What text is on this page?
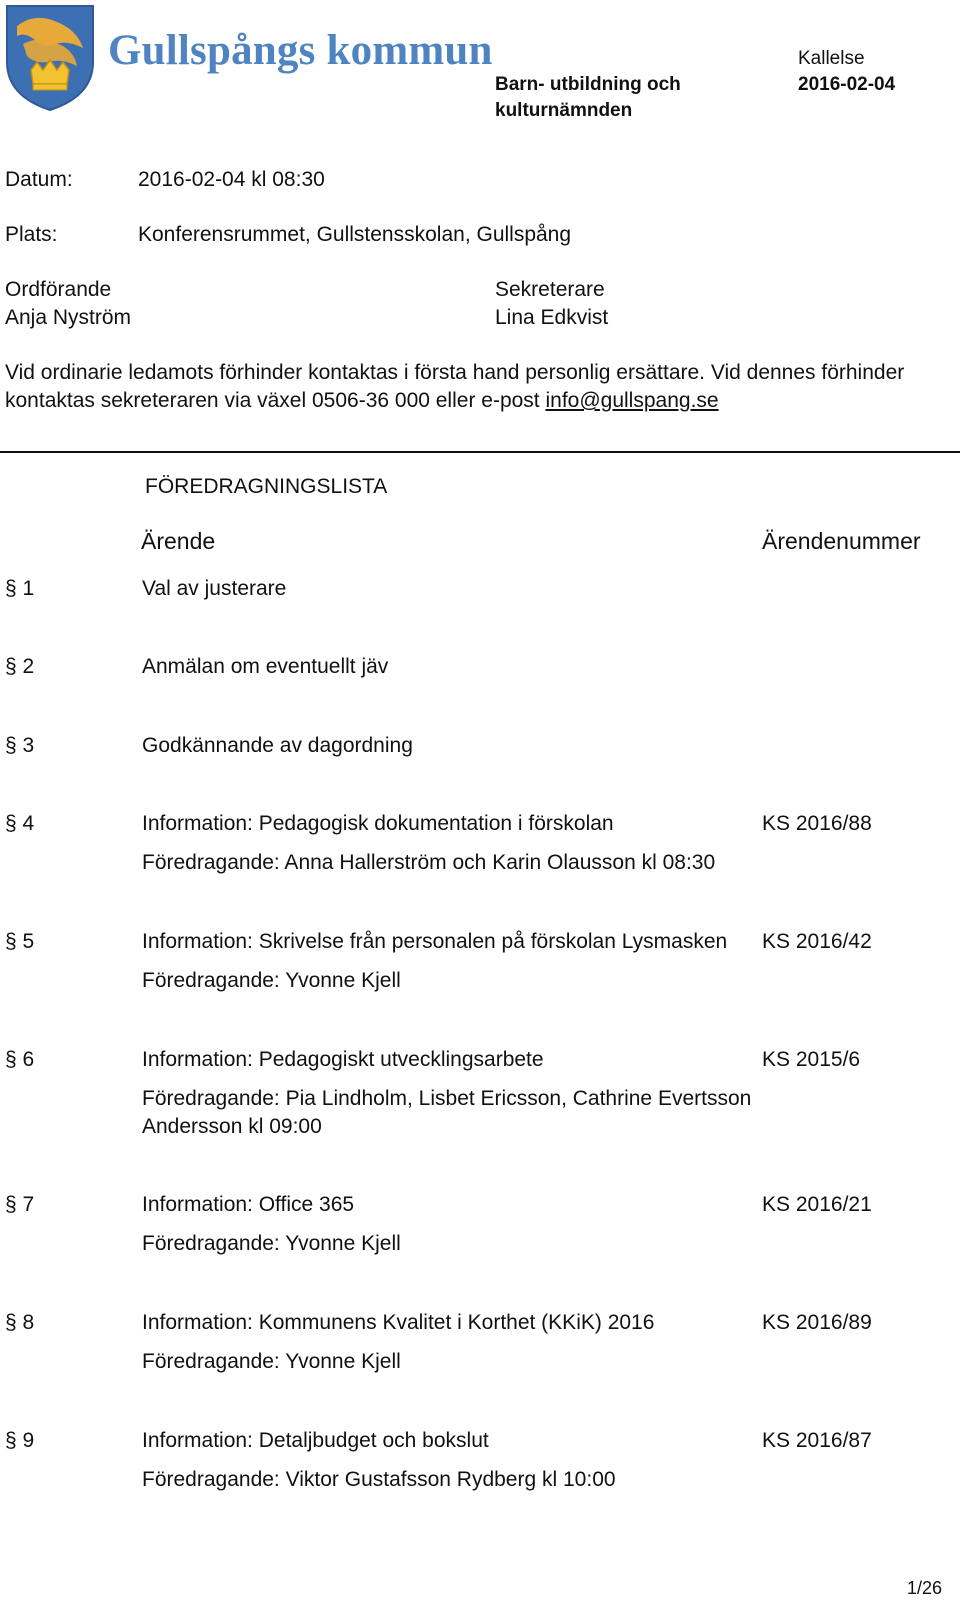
Gullspångs kommun
Barn- utbildning och
kulturnämnden
Kallelse
2016-02-04
Datum:	2016-02-04 kl 08:30
Plats:	Konferensrummet, Gullstensskolan, Gullspång
Ordförande
Anja Nyström
Sekreterare
Lina Edkvist
Vid ordinarie ledamots förhinder kontaktas i första hand personlig ersättare. Vid dennes förhinder
kontaktas sekreteraren via växel 0506-36 000 eller e-post info@gullspang.se
FÖREDRAGNINGSLISTA
Ärende	Ärendenummer
§ 1	Val av justerare
§ 2	Anmälan om eventuellt jäv
§ 3	Godkännande av dagordning
§ 4	Information: Pedagogisk dokumentation i förskolan	KS 2016/88
Föredragande: Anna Hallerström och Karin Olausson kl 08:30
§ 5	Information: Skrivelse från personalen på förskolan Lysmasken KS 2016/42
Föredragande: Yvonne Kjell
§ 6	Information: Pedagogiskt utvecklingsarbete	KS 2015/6
Föredragande: Pia Lindholm, Lisbet Ericsson, Cathrine Evertsson
Andersson kl 09:00
§ 7	Information: Office 365	KS 2016/21
Föredragande: Yvonne Kjell
§ 8	Information: Kommunens Kvalitet i Korthet (KKiK) 2016	KS 2016/89
Föredragande: Yvonne Kjell
§ 9	Information: Detaljbudget och bokslut	KS 2016/87
Föredragande: Viktor Gustafsson Rydberg kl 10:00
1/26
